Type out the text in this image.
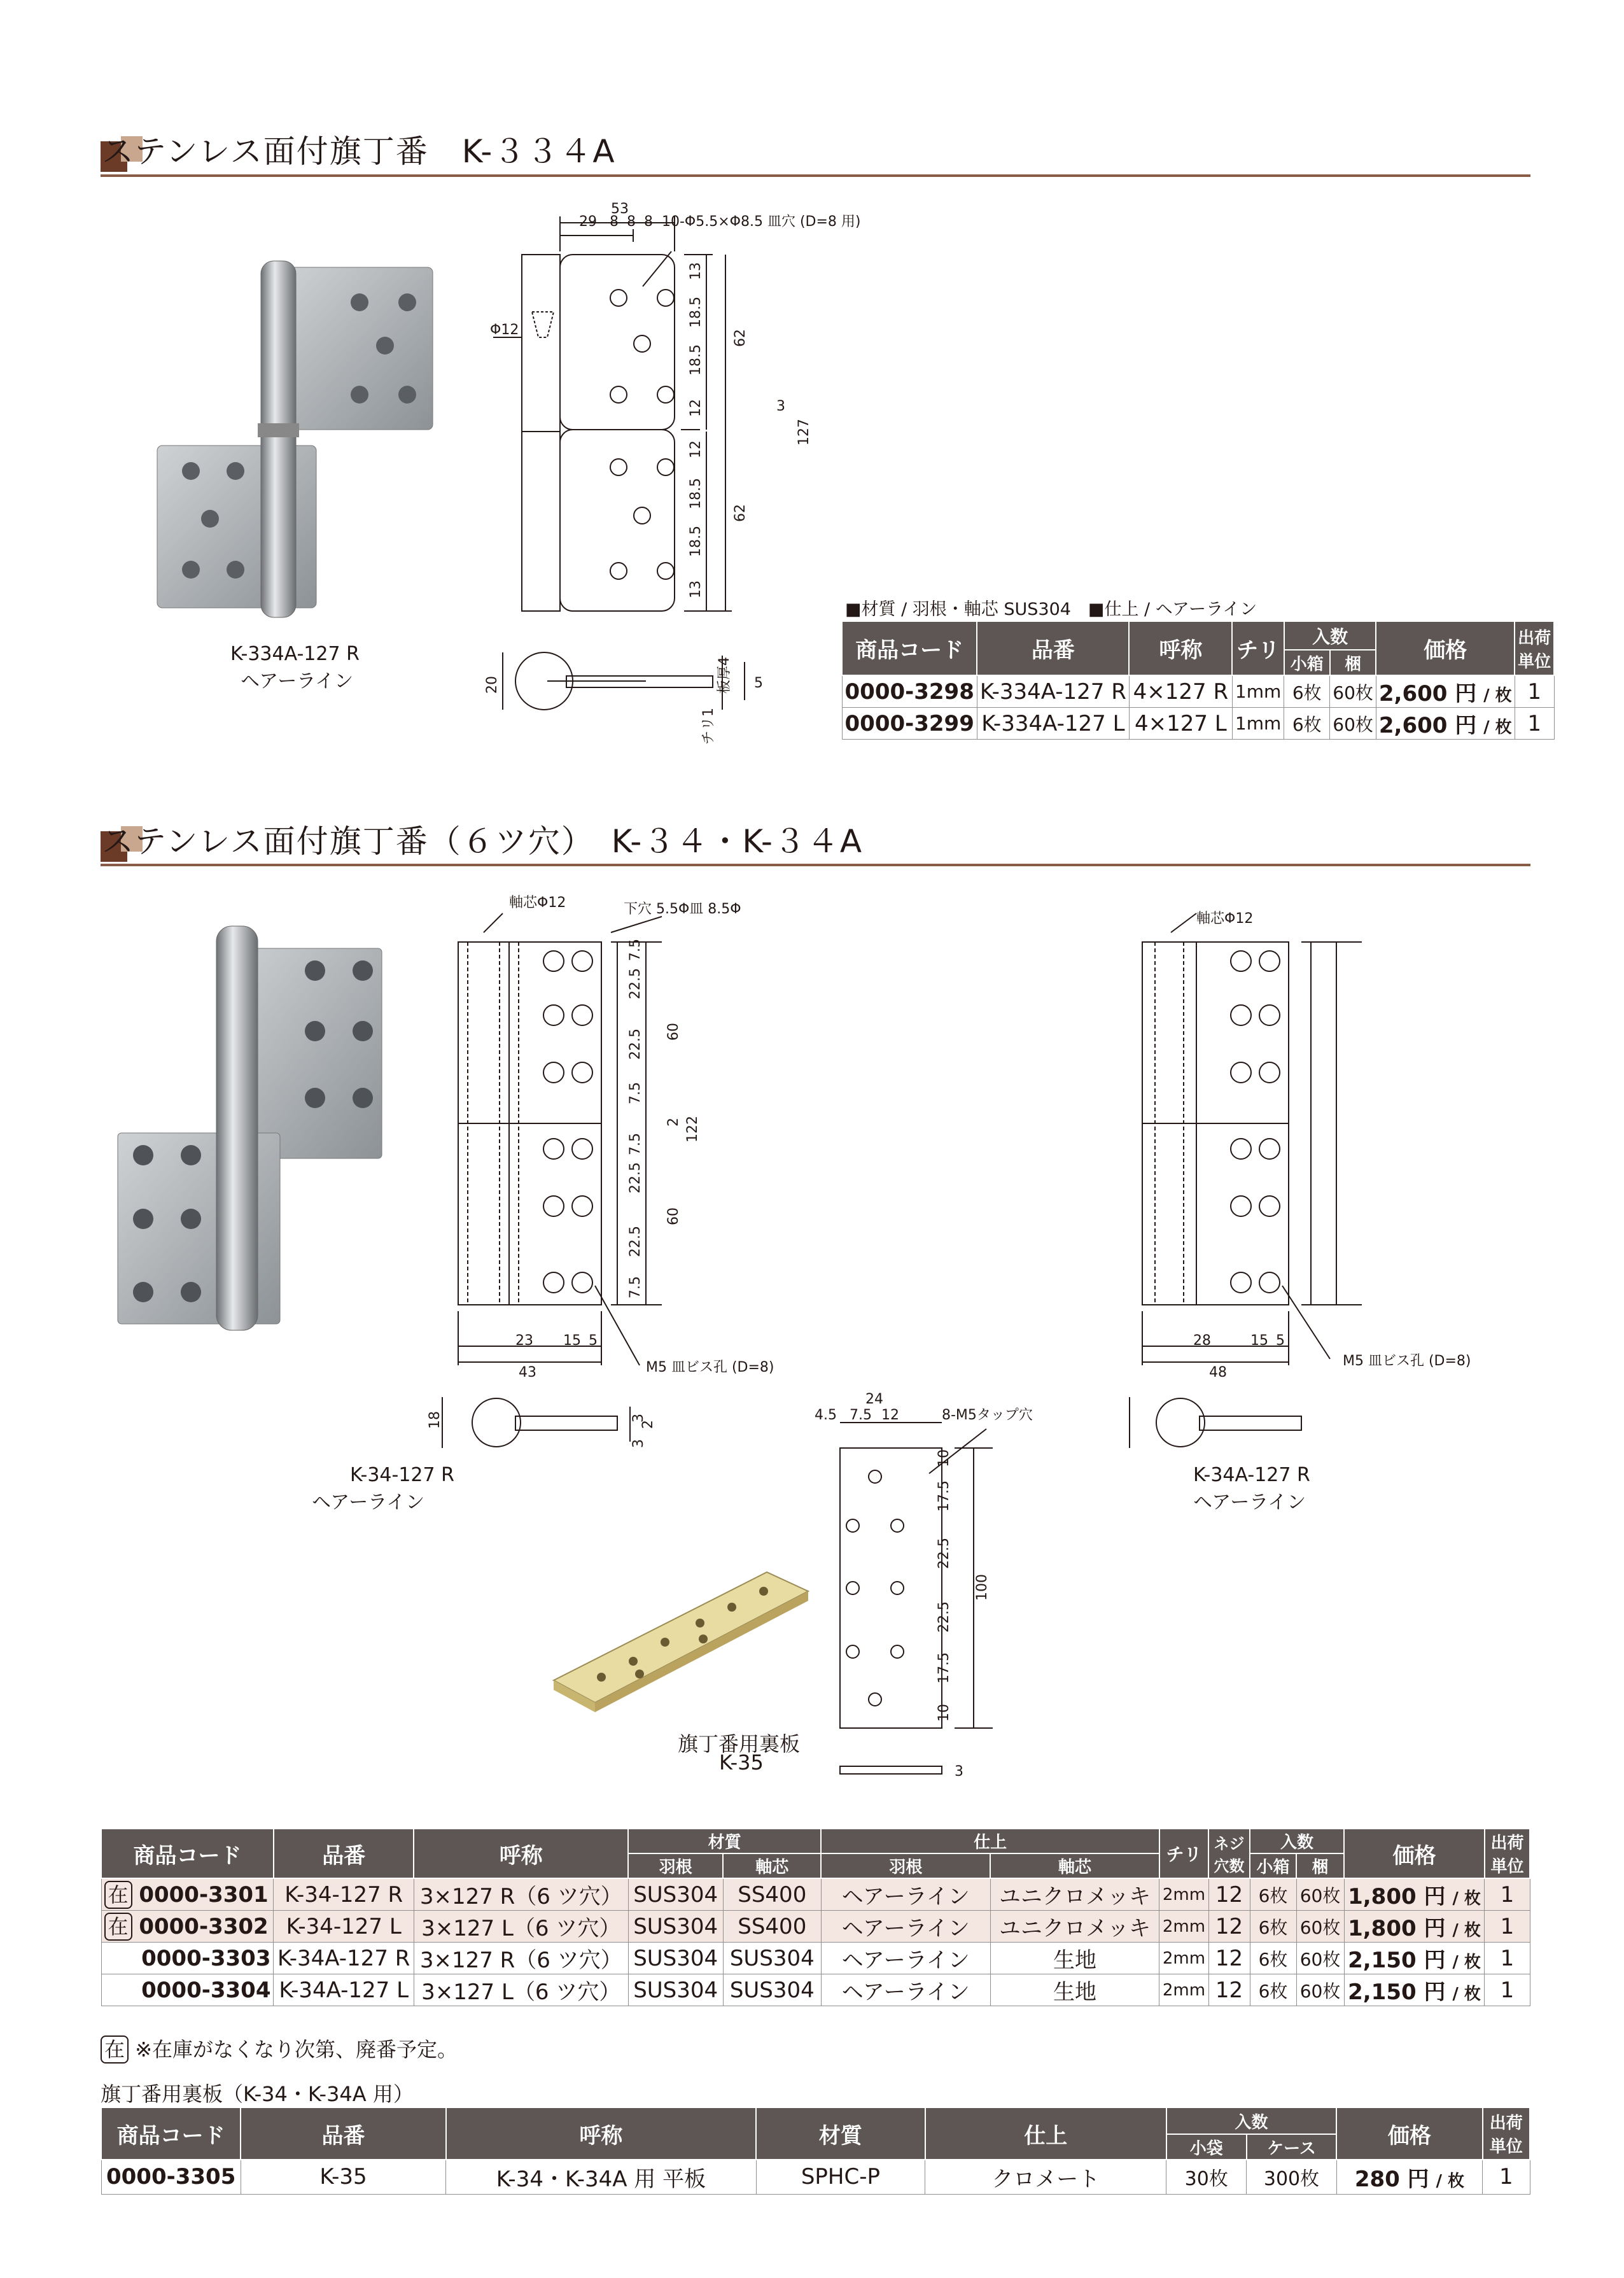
ステンレス面付旗丁番　K-３３４A
K-334A-127 R
ヘアーライン
53
29 8 8 8 10-Φ5.5×Φ8.5 皿穴 (D=8 用)
Φ12	62
62
127
3
13
18.5
18.5
12
12
18.5
18.5
13
20	板厚4
チリ1
5
■材質 / 羽根・軸芯 SUS304　■仕上 / ヘアーライン
商品コード	品番	呼称	チリ	入数		価格	出荷単位
				小箱	梱		
0000-3298	K-334A-127 R	4×127 R	1mm	6枚	60枚	2,600 円 / 枚	1
0000-3299	K-334A-127 L	4×127 L	1mm	6枚	60枚	2,600 円 / 枚	1
ステンレス面付旗丁番（６ツ穴）　K-３４・K-３４A
K-34-127 R
ヘアーライン
軸芯Φ12	下穴 5.5Φ皿 8.5Φ
7.5
22.5
22.5
7.5
7.5
22.5
22.5
7.5
60
60
2 122
23 15 5
43	M5 皿ビス孔 (D=8)
18	3
2
3
軸芯Φ12
28	15 5
48
M5 皿ビス孔 (D=8)
K-34A-127 R
ヘアーライン
旗丁番用裏板
K-35
24
4.5 7.5 12	8-M5タップ穴
10
17.5
22.5
22.5
17.5
10
100
3
商品コード	品番	呼称	材質		仕上		チリ	ネジ穴数	入数		価格	出荷単位
			羽根	軸芯	羽根	軸芯			小箱	梱		
在 0000-3301	K-34-127 R	3×127 R（6 ツ穴）	SUS304	SS400	ヘアーライン	ユニクロメッキ	2mm	12	6枚	60枚	1,800 円 / 枚	1
在 0000-3302	K-34-127 L	3×127 L（6 ツ穴）	SUS304	SS400	ヘアーライン	ユニクロメッキ	2mm	12	6枚	60枚	1,800 円 / 枚	1
0000-3303	K-34A-127 R	3×127 R（6 ツ穴）	SUS304	SUS304	ヘアーライン	生地	2mm	12	6枚	60枚	2,150 円 / 枚	1
0000-3304	K-34A-127 L	3×127 L（6 ツ穴）	SUS304	SUS304	ヘアーライン	生地	2mm	12	6枚	60枚	2,150 円 / 枚	1
在 ※在庫がなくなり次第、廃番予定。
旗丁番用裏板（K-34・K-34A 用）
商品コード	品番	呼称	材質	仕上	入数		価格	出荷単位
					小袋	ケース		
0000-3305	K-35	K-34・K-34A 用 平板	SPHC-P	クロメート	30枚	300枚	280 円 / 枚	1
